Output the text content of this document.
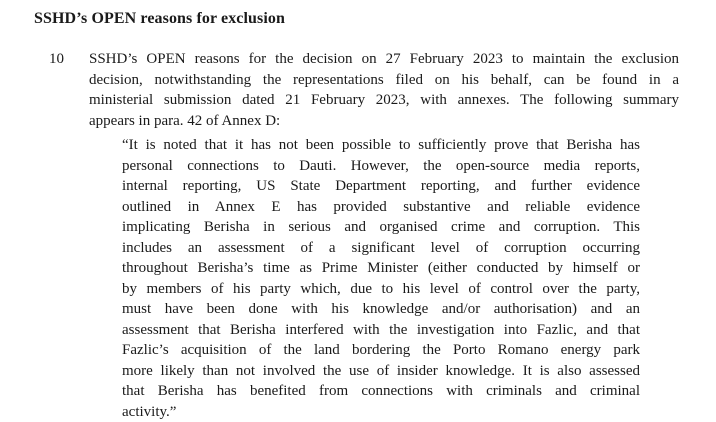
SSHD’s OPEN reasons for exclusion
10 SSHD’s OPEN reasons for the decision on 27 February 2023 to maintain the exclusion
decision, notwithstanding the representations filed on his behalf, can be found in a
ministerial submission dated 21 February 2023, with annexes. The following summary
appears in para. 42 of Annex D:
“It is noted that it has not been possible to sufficiently prove that Berisha has
personal connections to Dauti. However, the open-source media reports,
internal reporting, US State Department reporting, and further evidence
outlined in Annex E has provided substantive and reliable evidence
implicating Berisha in serious and organised crime and corruption. This
includes an assessment of a significant level of corruption occurring
throughout Berisha’s time as Prime Minister (either conducted by himself or
by members of his party which, due to his level of control over the party,
must have been done with his knowledge and/or authorisation) and an
assessment that Berisha interfered with the investigation into Fazlic, and that
Fazlic’s acquisition of the land bordering the Porto Romano energy park
more likely than not involved the use of insider knowledge. It is also assessed
that Berisha has benefited from connections with criminals and criminal
activity.”
